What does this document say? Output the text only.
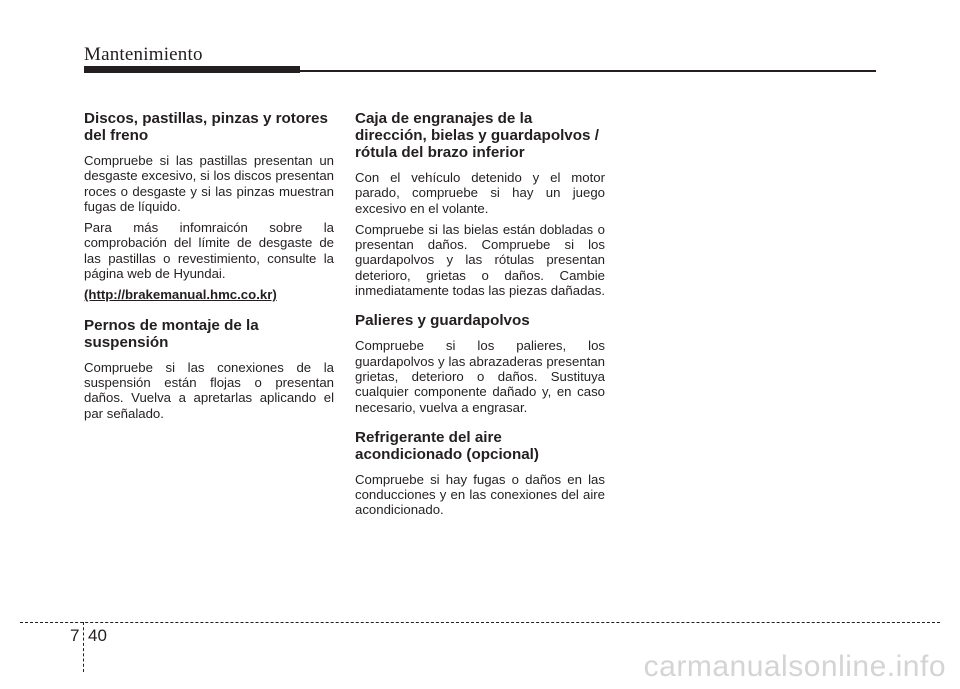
Mantenimiento
Discos, pastillas, pinzas y rotores
del freno

Compruebe si las pastillas presentan un desgaste excesivo, si los discos presentan roces o desgaste y si las pinzas muestran fugas de líquido.

Para más infomraicón sobre la comprobación del límite de desgaste de las pastillas o revestimiento, consulte la página web de Hyundai.

(http://brakemanual.hmc.co.kr)

Pernos de montaje de la
suspensión

Compruebe si las conexiones de la suspensión están flojas o presentan daños. Vuelva a apretarlas aplicando el par señalado.

Caja de engranajes de la
dirección, bielas y guardapolvos /
rótula del brazo inferior

Con el vehículo detenido y el motor parado, compruebe si hay un juego excesivo en el volante.

Compruebe si las bielas están dobladas o presentan daños. Compruebe si los guardapolvos y las rótulas presentan deterioro, grietas o daños. Cambie inmediatamente todas las piezas dañadas.

Palieres y guardapolvos

Compruebe si los palieres, los guardapolvos y las abrazaderas presentan grietas, deterioro o daños. Sustituya cualquier componente dañado y, en caso necesario, vuelva a engrasar.

Refrigerante del aire
acondicionado (opcional)

Compruebe si hay fugas o daños en las conducciones y en las conexiones del aire acondicionado.

7 40
carmanualsonline.info
